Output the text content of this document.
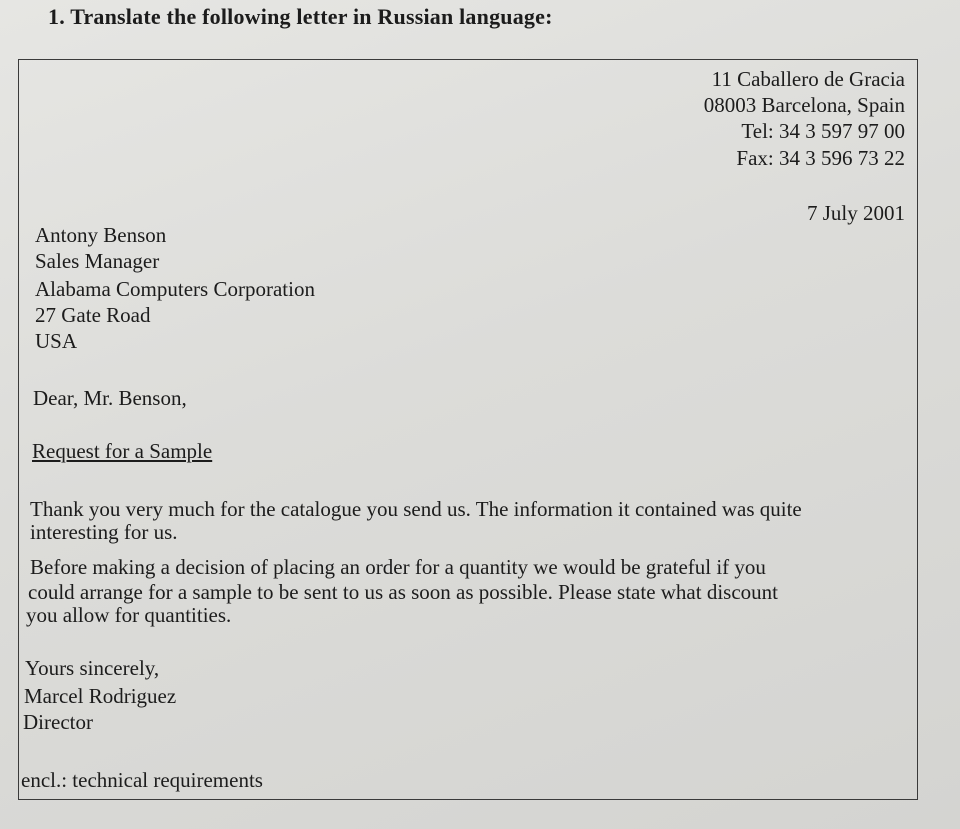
1. Translate the following letter in Russian language:
11 Caballero de Gracia
08003 Barcelona, Spain
Tel: 34 3 597 97 00
Fax: 34 3 596 73 22
7 July 2001
Antony Benson
Sales Manager
Alabama Computers Corporation
27 Gate Road
USA
Dear, Mr. Benson,
Request for a Sample
Thank you very much for the catalogue you send us. The information it contained was quite
interesting for us.
Before making a decision of placing an order for a quantity we would be grateful if you
could arrange for a sample to be sent to us as soon as possible. Please state what discount
you allow for quantities.
Yours sincerely,
Marcel Rodriguez
Director
encl.: technical requirements
